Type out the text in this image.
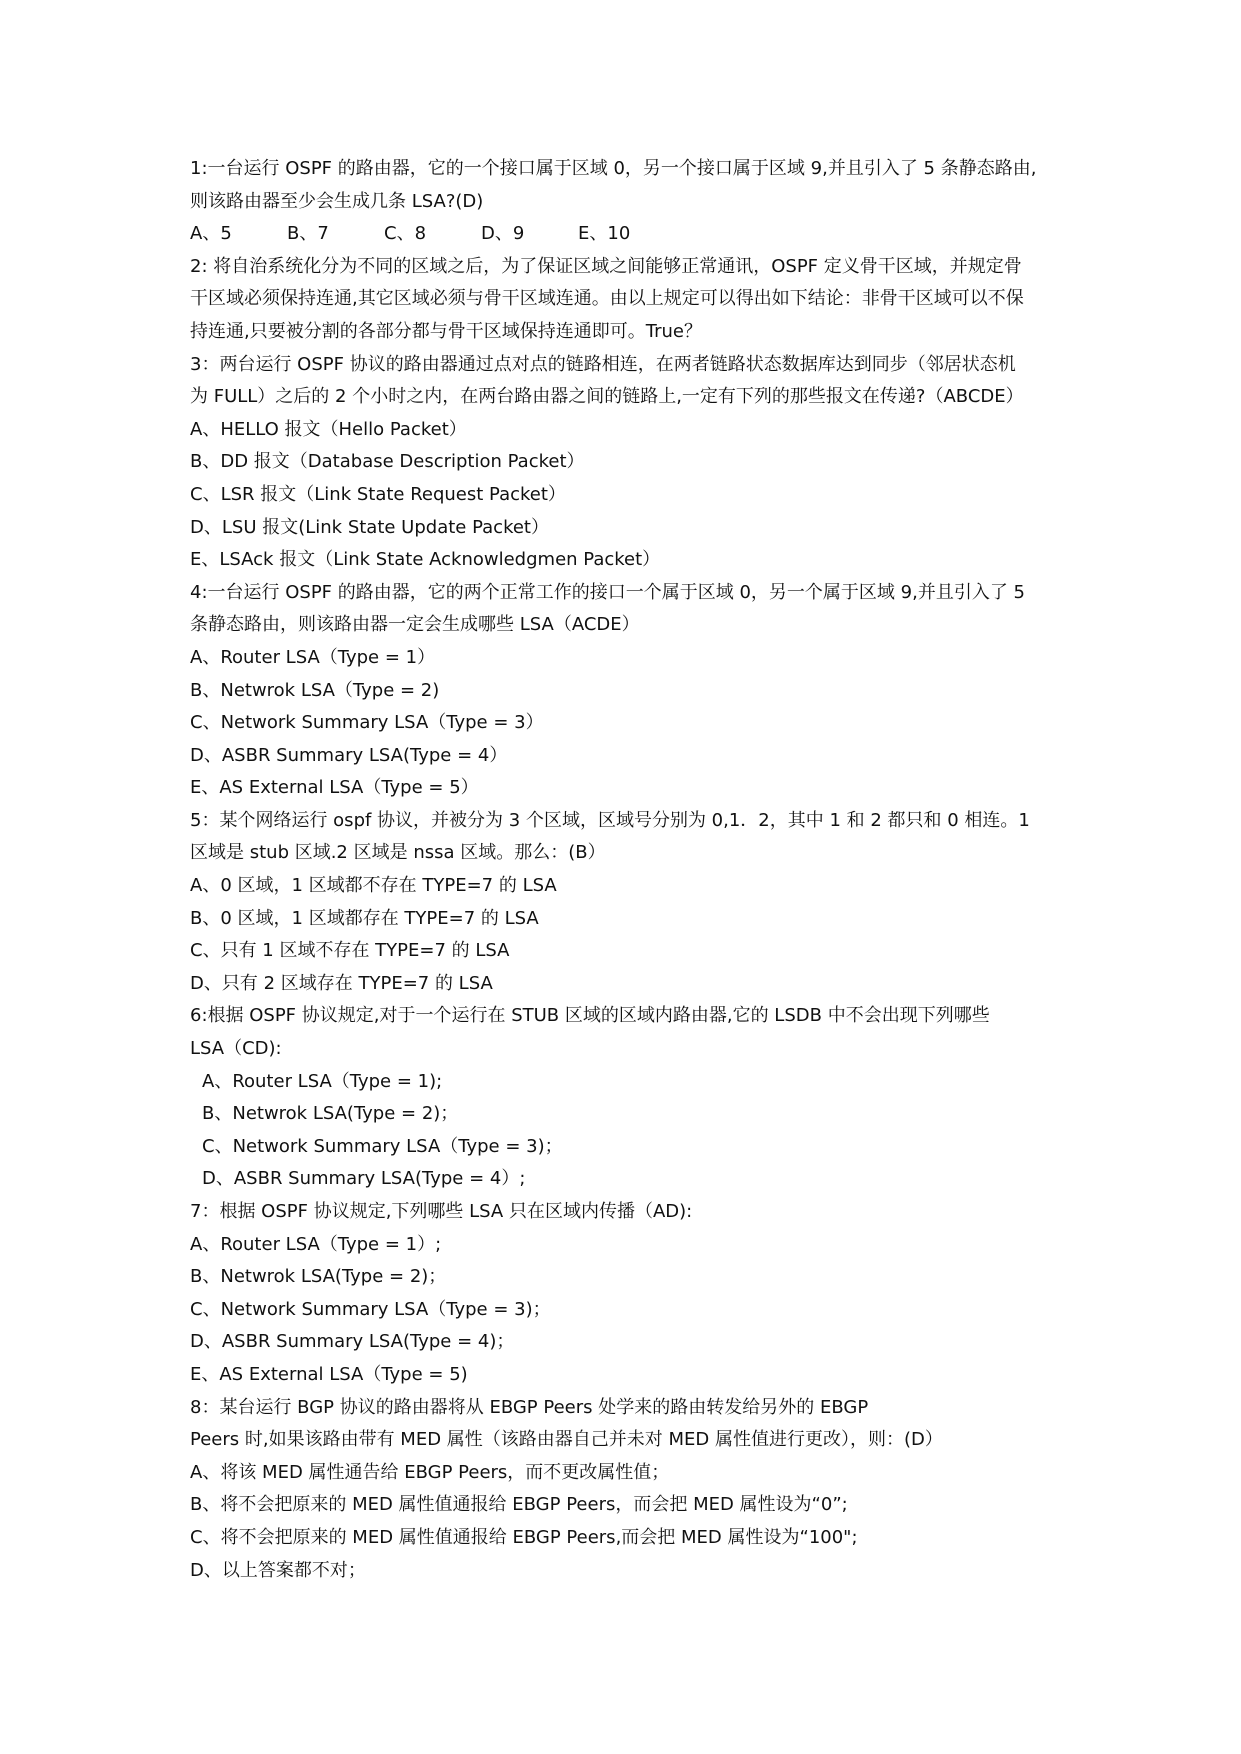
1:一台运行 OSPF 的路由器，它的一个接口属于区域 0，另一个接口属于区域 9,并且引入了 5 条静态路由,
则该路由器至少会生成几条 LSA?(D)
A、5	B、7	C、8	D、9	E、10
2: 将自治系统化分为不同的区域之后，为了保证区域之间能够正常通讯，OSPF 定义骨干区域，并规定骨
干区域必须保持连通,其它区域必须与骨干区域连通。由以上规定可以得出如下结论：非骨干区域可以不保
持连通,只要被分割的各部分都与骨干区域保持连通即可。True？
3：两台运行 OSPF 协议的路由器通过点对点的链路相连，在两者链路状态数据库达到同步（邻居状态机
为 FULL）之后的 2 个小时之内，在两台路由器之间的链路上,一定有下列的那些报文在传递?（ABCDE）
A、HELLO 报文（Hello Packet）
B、DD 报文（Database Description Packet）
C、LSR 报文（Link State Request Packet）
D、LSU 报文(Link State Update Packet）
E、LSAck 报文（Link State Acknowledgmen Packet）
4:一台运行 OSPF 的路由器，它的两个正常工作的接口一个属于区域 0，另一个属于区域 9,并且引入了 5
条静态路由，则该路由器一定会生成哪些 LSA（ACDE）
A、Router LSA（Type = 1）
B、Netwrok LSA（Type = 2)
C、Network Summary LSA（Type = 3）
D、ASBR Summary LSA(Type = 4）
E、AS External LSA（Type = 5）
5：某个网络运行 ospf 协议，并被分为 3 个区域，区域号分别为 0,1．2，其中 1 和 2 都只和 0 相连。1
区域是 stub 区域.2 区域是 nssa 区域。那么：(B）
A、0 区域，1 区域都不存在 TYPE=7 的 LSA
B、0 区域，1 区域都存在 TYPE=7 的 LSA
C、只有 1 区域不存在 TYPE=7 的 LSA
D、只有 2 区域存在 TYPE=7 的 LSA
6:根据 OSPF 协议规定,对于一个运行在 STUB 区域的区域内路由器,它的 LSDB 中不会出现下列哪些
LSA（CD):
A、Router LSA（Type = 1);
B、Netwrok LSA(Type = 2)；
C、Network Summary LSA（Type = 3)；
D、ASBR Summary LSA(Type = 4）;
7：根据 OSPF 协议规定,下列哪些 LSA 只在区域内传播（AD):
A、Router LSA（Type = 1）;
B、Netwrok LSA(Type = 2)；
C、Network Summary LSA（Type = 3)；
D、ASBR Summary LSA(Type = 4)；
E、AS External LSA（Type = 5)
8：某台运行 BGP 协议的路由器将从 EBGP Peers 处学来的路由转发给另外的 EBGP
Peers 时,如果该路由带有 MED 属性（该路由器自己并未对 MED 属性值进行更改），则：(D）
A、将该 MED 属性通告给 EBGP Peers，而不更改属性值；
B、将不会把原来的 MED 属性值通报给 EBGP Peers，而会把 MED 属性设为“0”;
C、将不会把原来的 MED 属性值通报给 EBGP Peers,而会把 MED 属性设为“100";
D、以上答案都不对；
